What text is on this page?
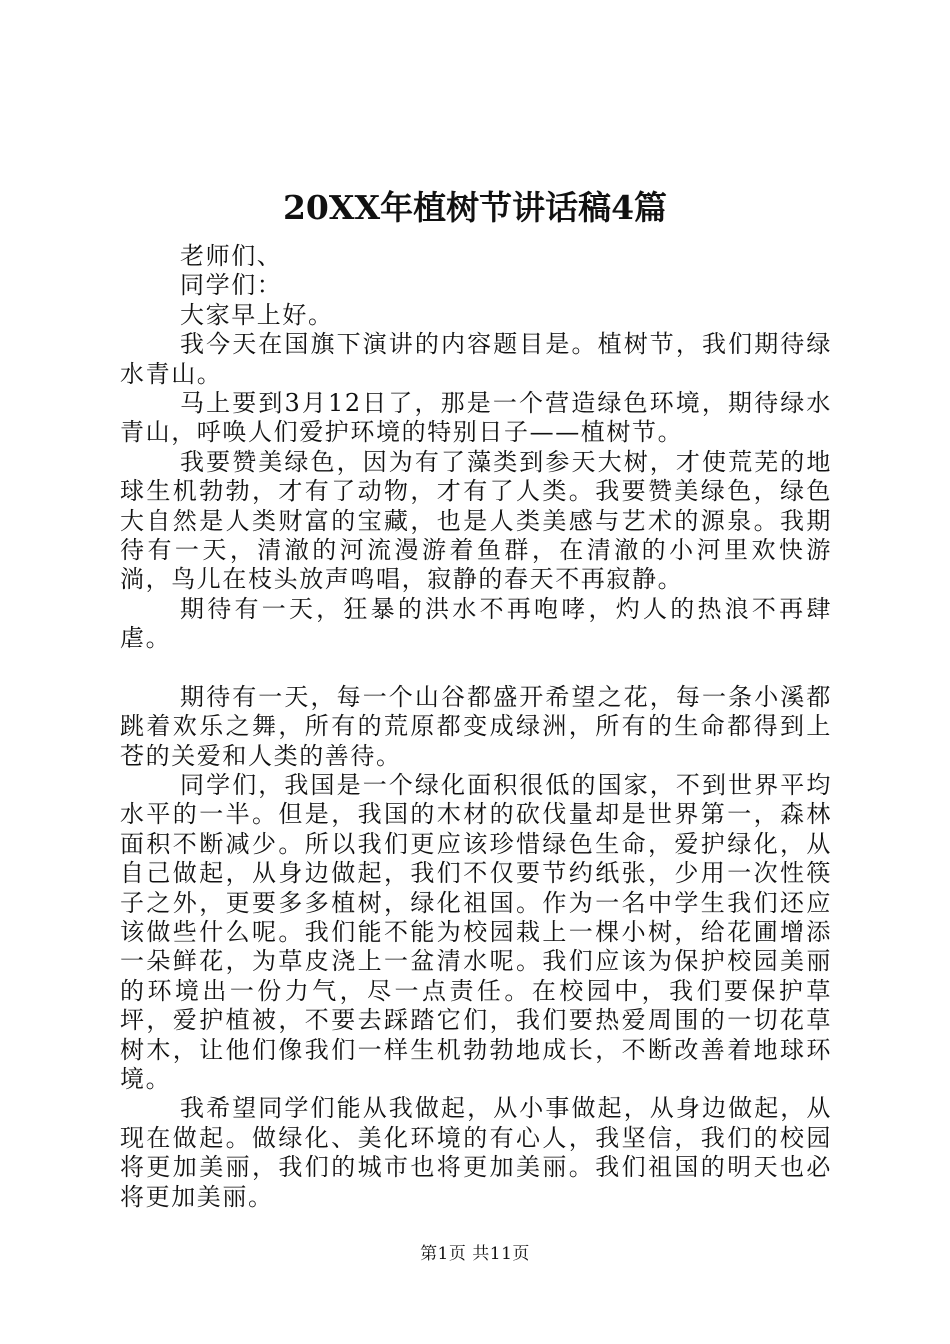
20XX年植树节讲话稿4篇

老师们、

同学们：

大家早上好。

我今天在国旗下演讲的内容题目是。植树节，我们期待绿水青山。

马上要到3月12日了，那是一个营造绿色环境，期待绿水青山，呼唤人们爱护环境的特别日子——植树节。

我要赞美绿色，因为有了藻类到参天大树，才使荒芜的地球生机勃勃，才有了动物，才有了人类。我要赞美绿色，绿色大自然是人类财富的宝藏，也是人类美感与艺术的源泉。我期待有一天，清澈的河流漫游着鱼群，在清澈的小河里欢快游淌，鸟儿在枝头放声鸣唱，寂静的春天不再寂静。

期待有一天，狂暴的洪水不再咆哮，灼人的热浪不再肆虐。

期待有一天，每一个山谷都盛开希望之花，每一条小溪都跳着欢乐之舞，所有的荒原都变成绿洲，所有的生命都得到上苍的关爱和人类的善待。

同学们，我国是一个绿化面积很低的国家，不到世界平均水平的一半。但是，我国的木材的砍伐量却是世界第一，森林面积不断减少。所以我们更应该珍惜绿色生命，爱护绿化，从自己做起，从身边做起，我们不仅要节约纸张，少用一次性筷子之外，更要多多植树，绿化祖国。作为一名中学生我们还应该做些什么呢。我们能不能为校园栽上一棵小树，给花圃增添一朵鲜花，为草皮浇上一盆清水呢。我们应该为保护校园美丽的环境出一份力气，尽一点责任。在校园中，我们要保护草坪，爱护植被，不要去踩踏它们，我们要热爱周围的一切花草树木，让他们像我们一样生机勃勃地成长，不断改善着地球环境。

我希望同学们能从我做起，从小事做起，从身边做起，从现在做起。做绿化、美化环境的有心人，我坚信，我们的校园将更加美丽，我们的城市也将更加美丽。我们祖国的明天也必将更加美丽。

第1页 共11页
